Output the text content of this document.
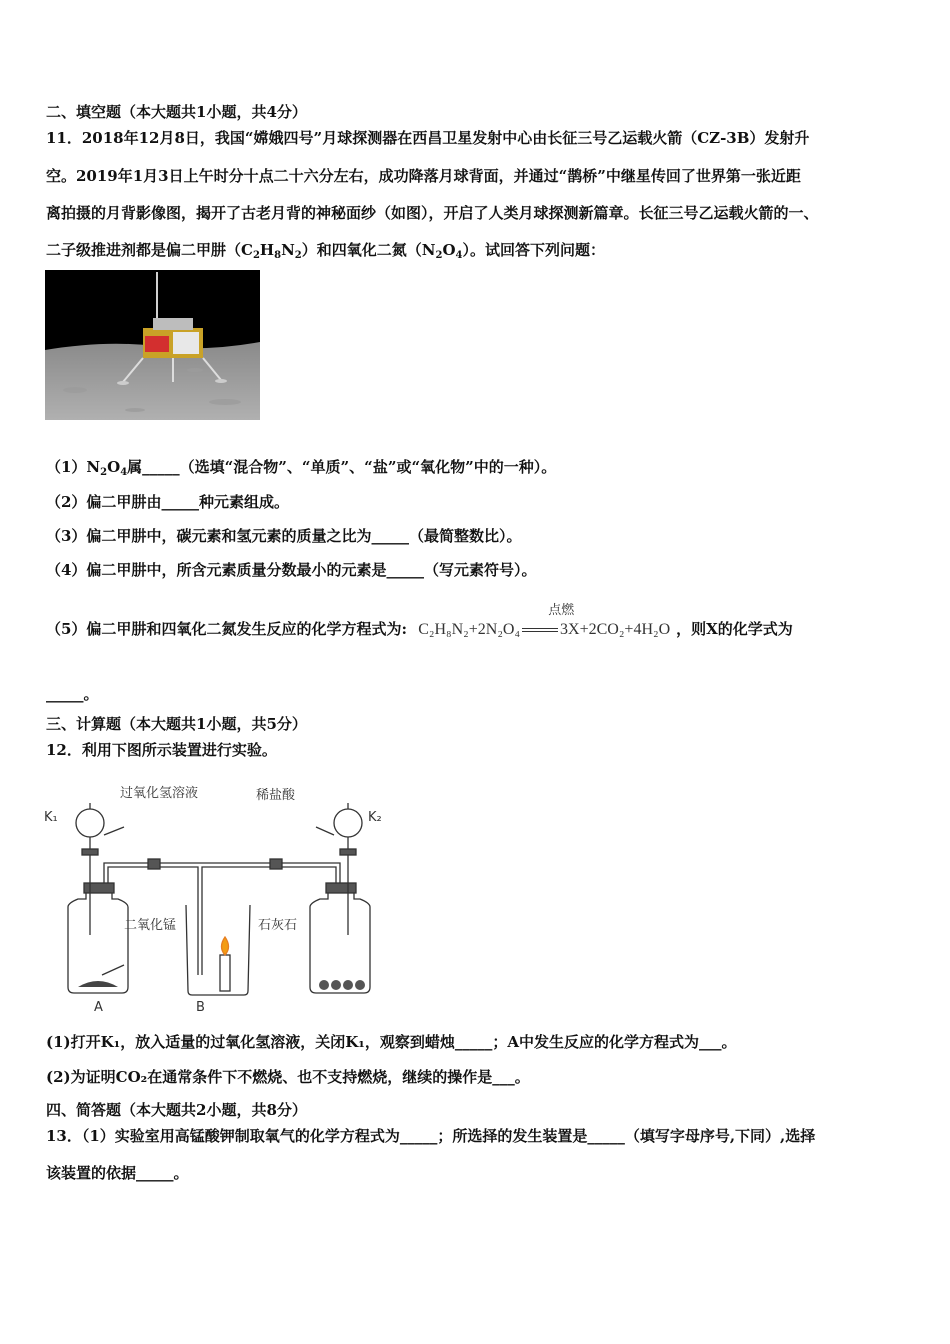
二、填空题（本大题共1小题，共4分）
11．2018年12月8日，我国“嫦娥四号”月球探测器在西昌卫星发射中心由长征三号乙运载火箭（CZ-3B）发射升
空。2019年1月3日上午时分十点二十六分左右，成功降落月球背面，并通过“鹊桥”中继星传回了世界第一张近距
离拍摄的月背影像图，揭开了古老月背的神秘面纱（如图），开启了人类月球探测新篇章。长征三号乙运载火箭的一、
二子级推进剂都是偏二甲肼$(C_2H_8N_2)$和四氧化二氮$(N_2O_4)$。试回答下列问题：
$(1)N_2O_4$属_____（选填“混合物”、“单质”、“盐”或“氧化物”中的一种）。
（2）偏二甲肼由_____种元素组成。
（3）偏二甲肼中，碳元素和氢元素的质量之比为_____（最简整数比）。
（4）偏二甲肼中，所含元素质量分数最小的元素是_____（写元素符号）。
（5）偏二甲肼和四氧化二氮发生反应的化学方程式为: C₂H₈N₂+2N₂O₄
点燃
3X+2CO₂+4H₂O ，则X的化学式为
_____。
三、计算题（本大题共1小题，共5分）
12．利用下图所示装置进行实验。
过氧化氢溶液	稀盐酸
K₁	K₂
二氧化锰	石灰石
A	B
(1)打开K₁，放入适量的过氧化氢溶液，关闭K₁，观察到蜡烛_____；A中发生反应的化学方程式为___。
(2)为证明CO₂在通常条件下不燃烧、也不支持燃烧，继续的操作是___。
四、简答题（本大题共2小题，共8分）
13．（1）实验室用高锰酸钾制取氧气的化学方程式为_____；所选择的发生装置是_____（填写字母序号,下同）,选择
该装置的依据_____。
